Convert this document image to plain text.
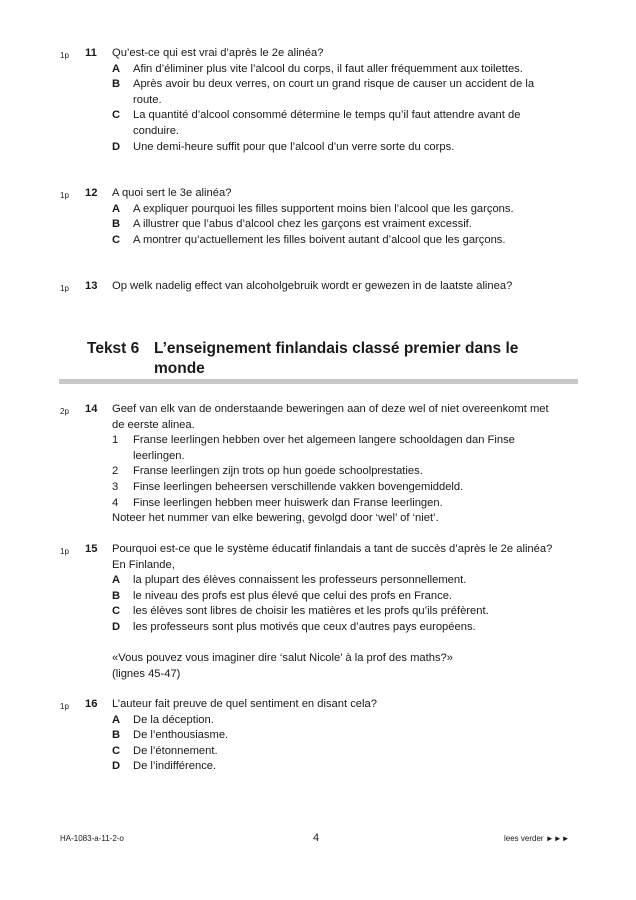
1p 11 Qu’est-ce qui est vrai d’après le 2e alinéa?

A Afin d’éliminer plus vite l’alcool du corps, il faut aller fréquemment aux toilettes.
B Après avoir bu deux verres, on court un grand risque de causer un accident de la route.
C La quantité d’alcool consommé détermine le temps qu’il faut attendre avant de conduire.
D Une demi-heure suffit pour que l’alcool d’un verre sorte du corps.
1p 12 A quoi sert le 3e alinéa?

A A expliquer pourquoi les filles supportent moins bien l’alcool que les garçons.
B A illustrer que l’abus d’alcool chez les garçons est vraiment excessif.
C A montrer qu’actuellement les filles boivent autant d’alcool que les garçons.
1p 13 Op welk nadelig effect van alcoholgebruik wordt er gewezen in de laatste alinea?

Tekst 6 L’enseignement finlandais classé premier dans le monde
2p 14 Geef van elk van de onderstaande beweringen aan of deze wel of niet overeenkomt met de eerste alinea.

1 Franse leerlingen hebben over het algemeen langere schooldagen dan Finse leerlingen.
2 Franse leerlingen zijn trots op hun goede schoolprestaties.
3 Finse leerlingen beheersen verschillende vakken bovengemiddeld.
4 Finse leerlingen hebben meer huiswerk dan Franse leerlingen.

Noteer het nummer van elke bewering, gevolgd door ‘wel’ of ‘niet’.

1p 15 Pourquoi est-ce que le système éducatif finlandais a tant de succès d’après le 2e alinéa?

En Finlande,

A la plupart des élèves connaissent les professeurs personnellement.
B le niveau des profs est plus élevé que celui des profs en France.
C les élèves sont libres de choisir les matières et les profs qu’ils préfèrent.
D les professeurs sont plus motivés que ceux d’autres pays européens.

«Vous pouvez vous imaginer dire ‘salut Nicole’ à la prof des maths?»

(lignes 45-47)

1p 16 L’auteur fait preuve de quel sentiment en disant cela?

A De la déception.
B De l’enthousiasme.
C De l’étonnement.
D De l’indifférence.
HA-1083-a-11-2-o	4	lees verder ►►►
